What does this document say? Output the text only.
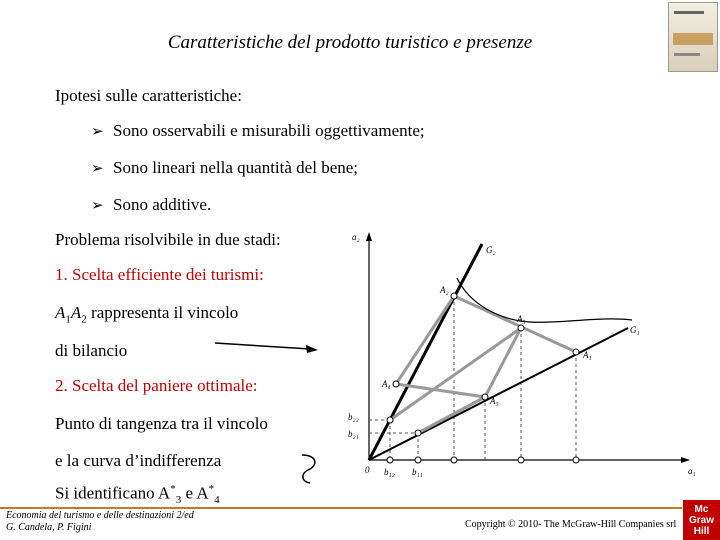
Caratteristiche del prodotto turistico e presenze
Ipotesi sulle caratteristiche:
➢ Sono osservabili e misurabili oggettivamente;
➢ Sono lineari nella quantità del bene;
➢ Sono additive.
Problema risolvibile in due stadi:
1. Scelta efficiente dei turismi:
$A_1A_2$ rappresenta il vincolo
di bilancio
2. Scelta del paniere ottimale:
Punto di tangenza tra il vincolo
e la curva d’indifferenza
Si identificano $A^*_3$ e $A^*_4$
a₂
a₁
0
G₂
G₁
A₂
A₃
A₁
A₄
A₅
b₂₂
b₂₁
b₁₂ b₁₁
Economia del turismo e delle destinazioni 2/ed
G. Candela, P. Figini	Copyright © 2010- The McGraw-Hill Companies srl
Mc
Graw
Hill
